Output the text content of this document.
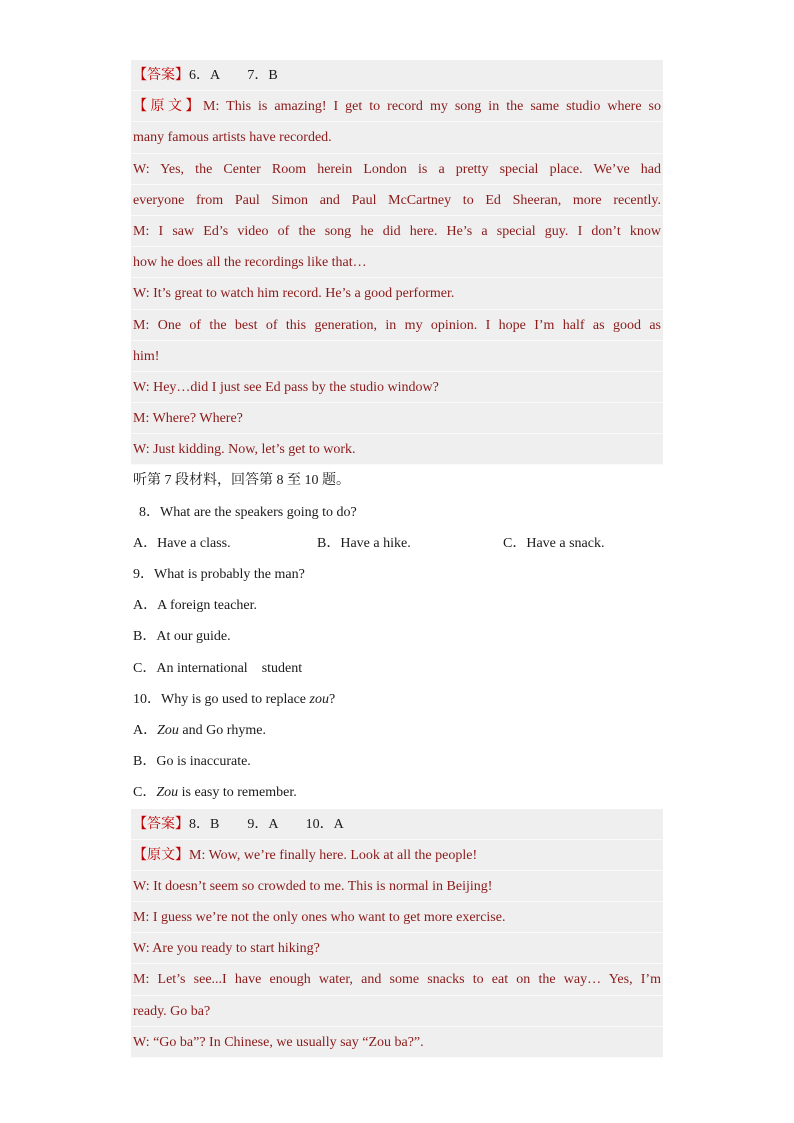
【答案】6．A        7．B
【原文】M: This is amazing! I get to record my song in the same studio where so
many famous artists have recorded.
W: Yes, the Center Room herein London is a pretty special place. We’ve had
everyone from Paul Simon and Paul McCartney to Ed Sheeran, more recently.
M: I saw Ed’s video of the song he did here. He’s a special guy. I don’t know
how he does all the recordings like that…
W: It’s great to watch him record. He’s a good performer.
M: One of the best of this generation, in my opinion. I hope I’m half as good as
him!
W: Hey…did I just see Ed pass by the studio window?
M: Where? Where?
W: Just kidding. Now, let’s get to work.
听第 7 段材料，回答第 8 至 10 题。
8．What are the speakers going to do?
A．Have a class.	B．Have a hike.	C．Have a snack.
9．What is probably the man?
A．A foreign teacher.
B．At our guide.
C．An international    student
10．Why is go used to replace zou?
A．Zou and Go rhyme.
B．Go is inaccurate.
C．Zou is easy to remember.
【答案】8．B        9．A        10．A
【原文】M: Wow, we’re finally here. Look at all the people!
W: It doesn’t seem so crowded to me. This is normal in Beijing!
M: I guess we’re not the only ones who want to get more exercise.
W: Are you ready to start hiking?
M: Let’s see...I have enough water, and some snacks to eat on the way… Yes, I’m
ready. Go ba?
W: “Go ba”? In Chinese, we usually say “Zou ba?”.
